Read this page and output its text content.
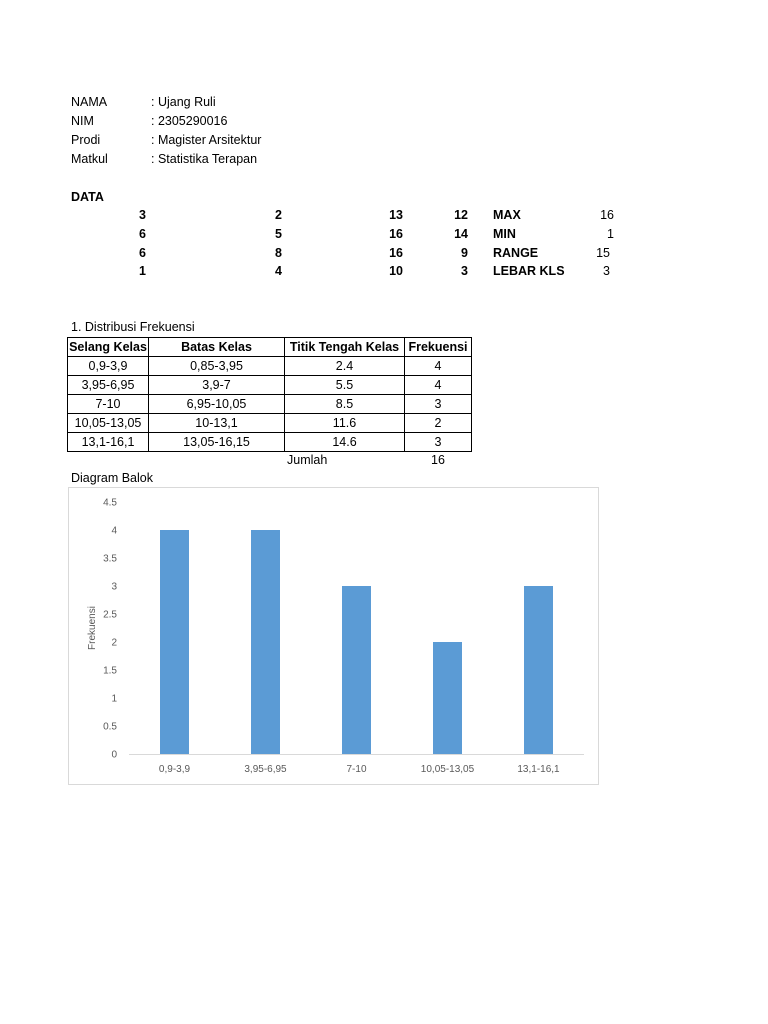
NAMA	: Ujang Ruli
NIM	: 2305290016
Prodi	: Magister Arsitektur
Matkul	: Statistika Terapan
DATA
3	2	13	12
6	5	16	14
6	8	16	9
1	4	10	3
MAX	16
MIN	1
RANGE	15
LEBAR KLS	3
1. Distribusi Frekuensi
Selang Kelas	Batas Kelas	Titik Tengah Kelas	Frekuensi
0,9-3,9	0,85-3,95	2.4	4
3,95-6,95	3,9-7	5.5	4
7-10	6,95-10,05	8.5	3
10,05-13,05	10-13,1	11.6	2
13,1-16,1	13,05-16,15	14.6	3
Jumlah	16
Diagram Balok
0
0.5
1
1.5
2
2.5
3
3.5
4
4.5
0,9-3,9	3,95-6,95	7-10	10,05-13,05	13,1-16,1
Frekuensi
